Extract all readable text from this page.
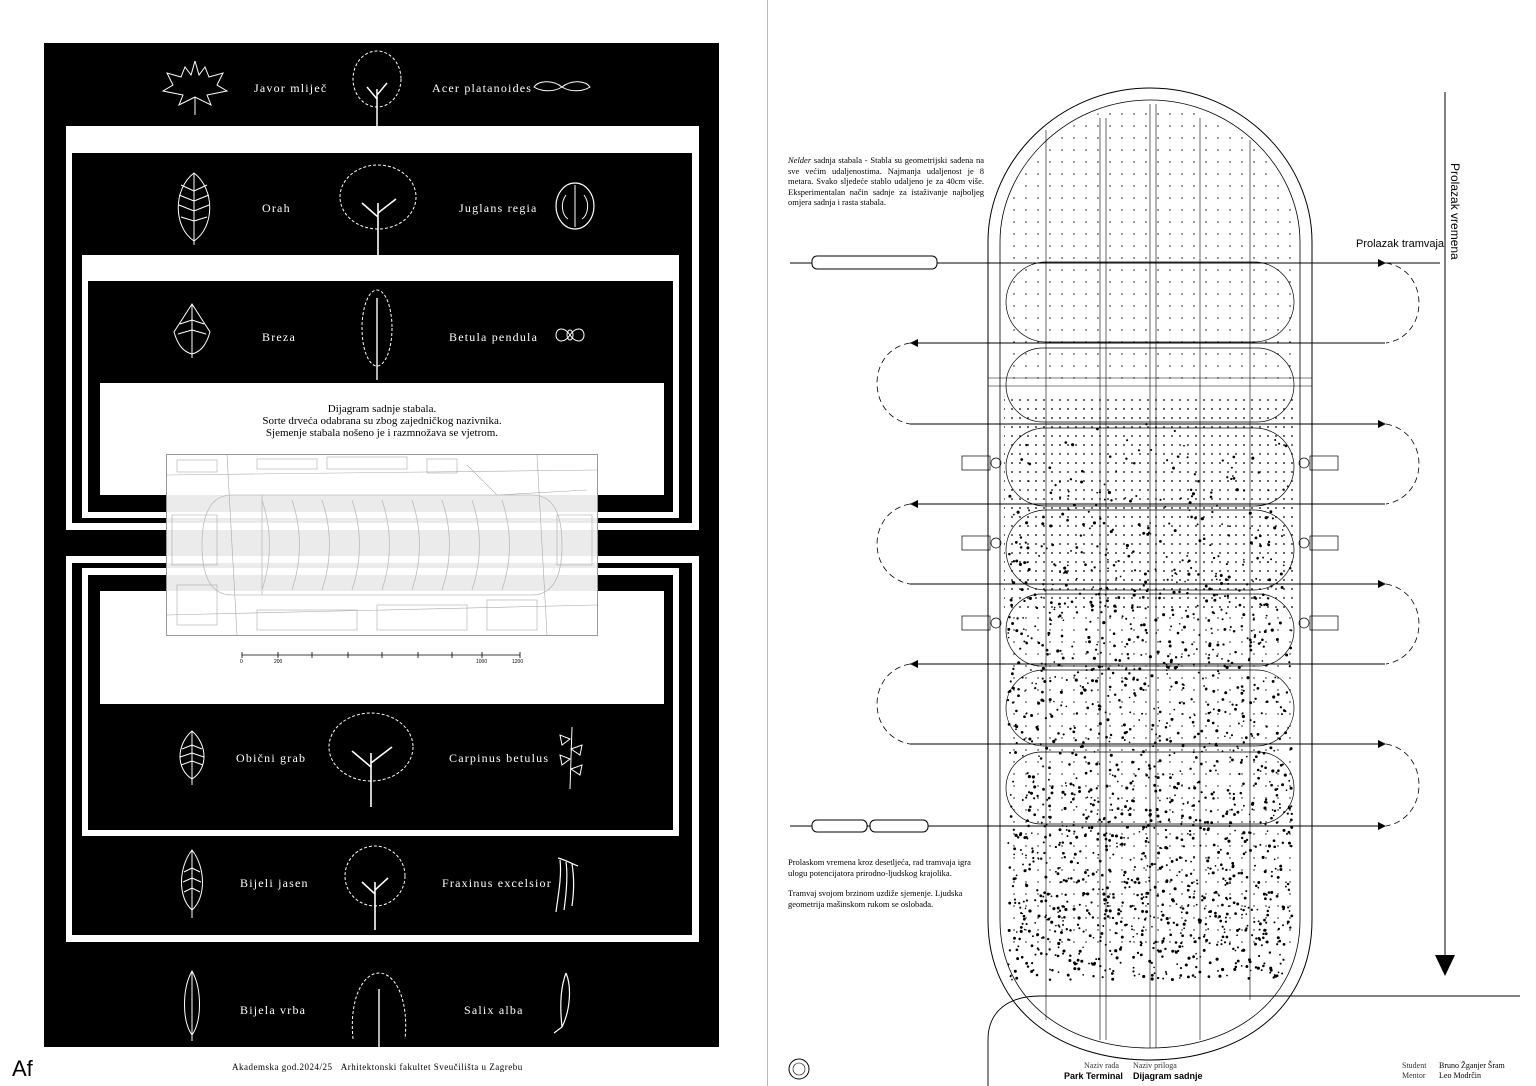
Dijagram sadnje stabala.
Sorte drveća odabrana su zbog zajedničkog nazivnika.
Sjemenje stabala nošeno je i razmnožava se vjetrom.
0	200	1000	1200
Javor mliječ	Acer platanoides
Orah	Juglans regia
Breza	Betula pendula
Obični grab	Carpinus betulus
Bijeli jasen	Fraxinus excelsior
Bijela vrba	Salix alba
Af	Akademska god.2024/25 Arhitektonski fakultet Sveučilišta u Zagrebu
Nelder sadnja stabala - Stabla su geometrijski sađena na sve većim udaljenostima. Najmanja udaljenost je 8 metara. Svako sljedeće stablo udaljeno je za 40cm više. Eksperimentalan način sadnje za istaživanje najboljeg omjera sadnja i rasta stabala.
Prolaskom vremena kroz desetljeća, rad tramvaja igra ulogu potencijatora prirodno-ljudskog krajolika.
Tramvaj svojom brzinom uzdiže sjemenje. Ljudska geometrija mašinskom rukom se oslobađa.
Prolazak tramvaja Prolazak vremena
Naziv rada
Park Terminal
Naziv priloga
Dijagram sadnje
Student Bruno Žganjer Šram
Mentor Leo Modrčin
